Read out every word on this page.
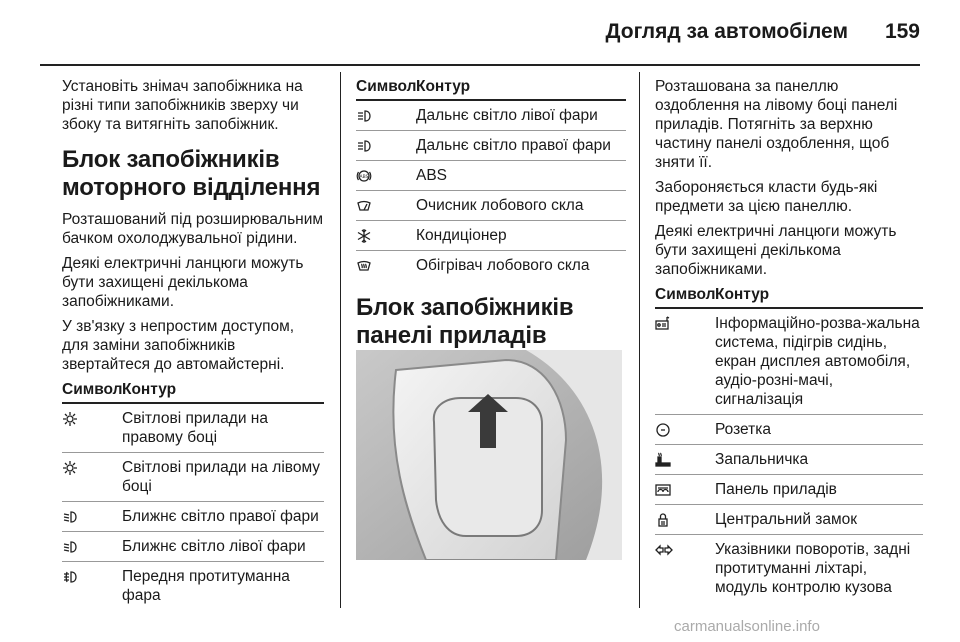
Догляд за автомобілем 159

Установіть знімач запобіжника на різні типи запобіжників зверху чи збоку та витягніть запобіжник.

Блок запобіжників моторного відділення

Розташований під розширювальним бачком охолоджувальної рідини.

Деякі електричні ланцюги можуть бути захищені декількома запобіжниками.

У зв'язку з непростим доступом, для заміни запобіжників звертайтеся до автомайстерні.

Символ Контур
Світлові прилади на правому боці
Світлові прилади на лівому боці
Ближнє світло правої фари
Ближнє світло лівої фари
Передня протитуманна фара
Символ Контур
Дальнє світло лівої фари
Дальнє світло правої фари
ABS	ABS
Очисник лобового скла
Кондиціонер
Обігрівач лобового скла
Блок запобіжників панелі приладів

Розташована за панеллю оздоблення на лівому боці панелі приладів. Потягніть за верхню частину панелі оздоблення, щоб зняти її.

Забороняється класти будь-які предмети за цією панеллю.

Деякі електричні ланцюги можуть бути захищені декількома запобіжниками.

Символ Контур
Інформаційно-розва-жальна система, підігрів сидінь, екран дисплея автомобіля, аудіо-розні-мачі, сигналізація
Розетка
Запальничка
Панель приладів
Центральний замок
Указівники поворотів, задні протитуманні ліхтарі, модуль контролю кузова
carmanualsonline.info
